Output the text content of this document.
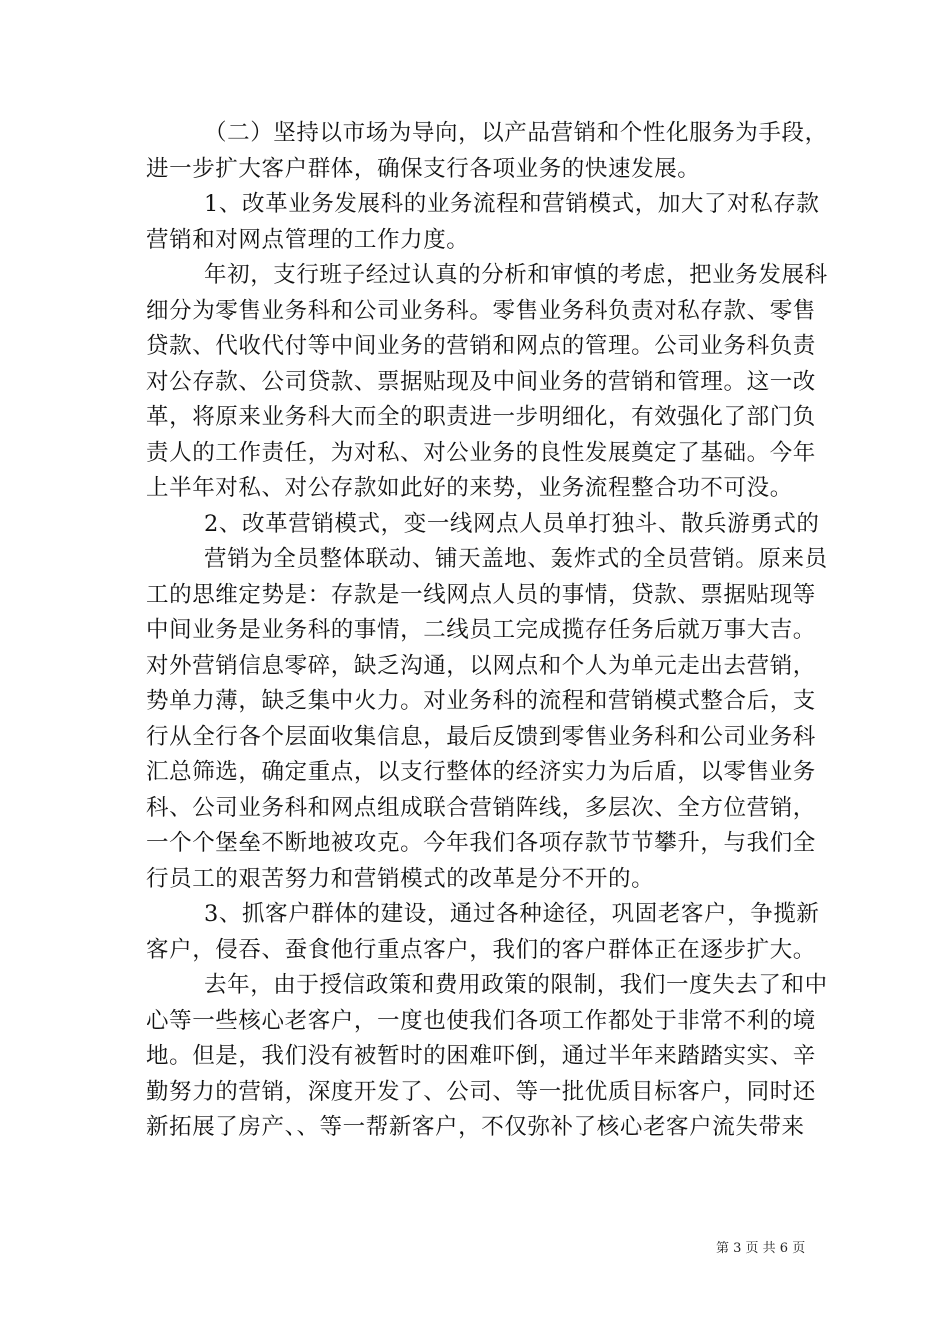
（二）坚持以市场为导向，以产品营销和个性化服务为手段，
进一步扩大客户群体，确保支行各项业务的快速发展。
1、改革业务发展科的业务流程和营销模式，加大了对私存款
营销和对网点管理的工作力度。
年初，支行班子经过认真的分析和审慎的考虑，把业务发展科
细分为零售业务科和公司业务科。零售业务科负责对私存款、零售
贷款、代收代付等中间业务的营销和网点的管理。公司业务科负责
对公存款、公司贷款、票据贴现及中间业务的营销和管理。这一改
革，将原来业务科大而全的职责进一步明细化，有效强化了部门负
责人的工作责任，为对私、对公业务的良性发展奠定了基础。今年
上半年对私、对公存款如此好的来势，业务流程整合功不可没。
2、改革营销模式，变一线网点人员单打独斗、散兵游勇式的
营销为全员整体联动、铺天盖地、轰炸式的全员营销。原来员
工的思维定势是：存款是一线网点人员的事情，贷款、票据贴现等
中间业务是业务科的事情，二线员工完成揽存任务后就万事大吉。
对外营销信息零碎，缺乏沟通，以网点和个人为单元走出去营销，
势单力薄，缺乏集中火力。对业务科的流程和营销模式整合后，支
行从全行各个层面收集信息，最后反馈到零售业务科和公司业务科
汇总筛选，确定重点，以支行整体的经济实力为后盾，以零售业务
科、公司业务科和网点组成联合营销阵线，多层次、全方位营销，
一个个堡垒不断地被攻克。今年我们各项存款节节攀升，与我们全
行员工的艰苦努力和营销模式的改革是分不开的。
3、抓客户群体的建设，通过各种途径，巩固老客户，争揽新
客户，侵吞、蚕食他行重点客户，我们的客户群体正在逐步扩大。
去年，由于授信政策和费用政策的限制，我们一度失去了和中
心等一些核心老客户，一度也使我们各项工作都处于非常不利的境
地。但是，我们没有被暂时的困难吓倒，通过半年来踏踏实实、辛
勤努力的营销，深度开发了、公司、等一批优质目标客户，同时还
新拓展了房产、、等一帮新客户，不仅弥补了核心老客户流失带来
第 3 页 共 6 页
